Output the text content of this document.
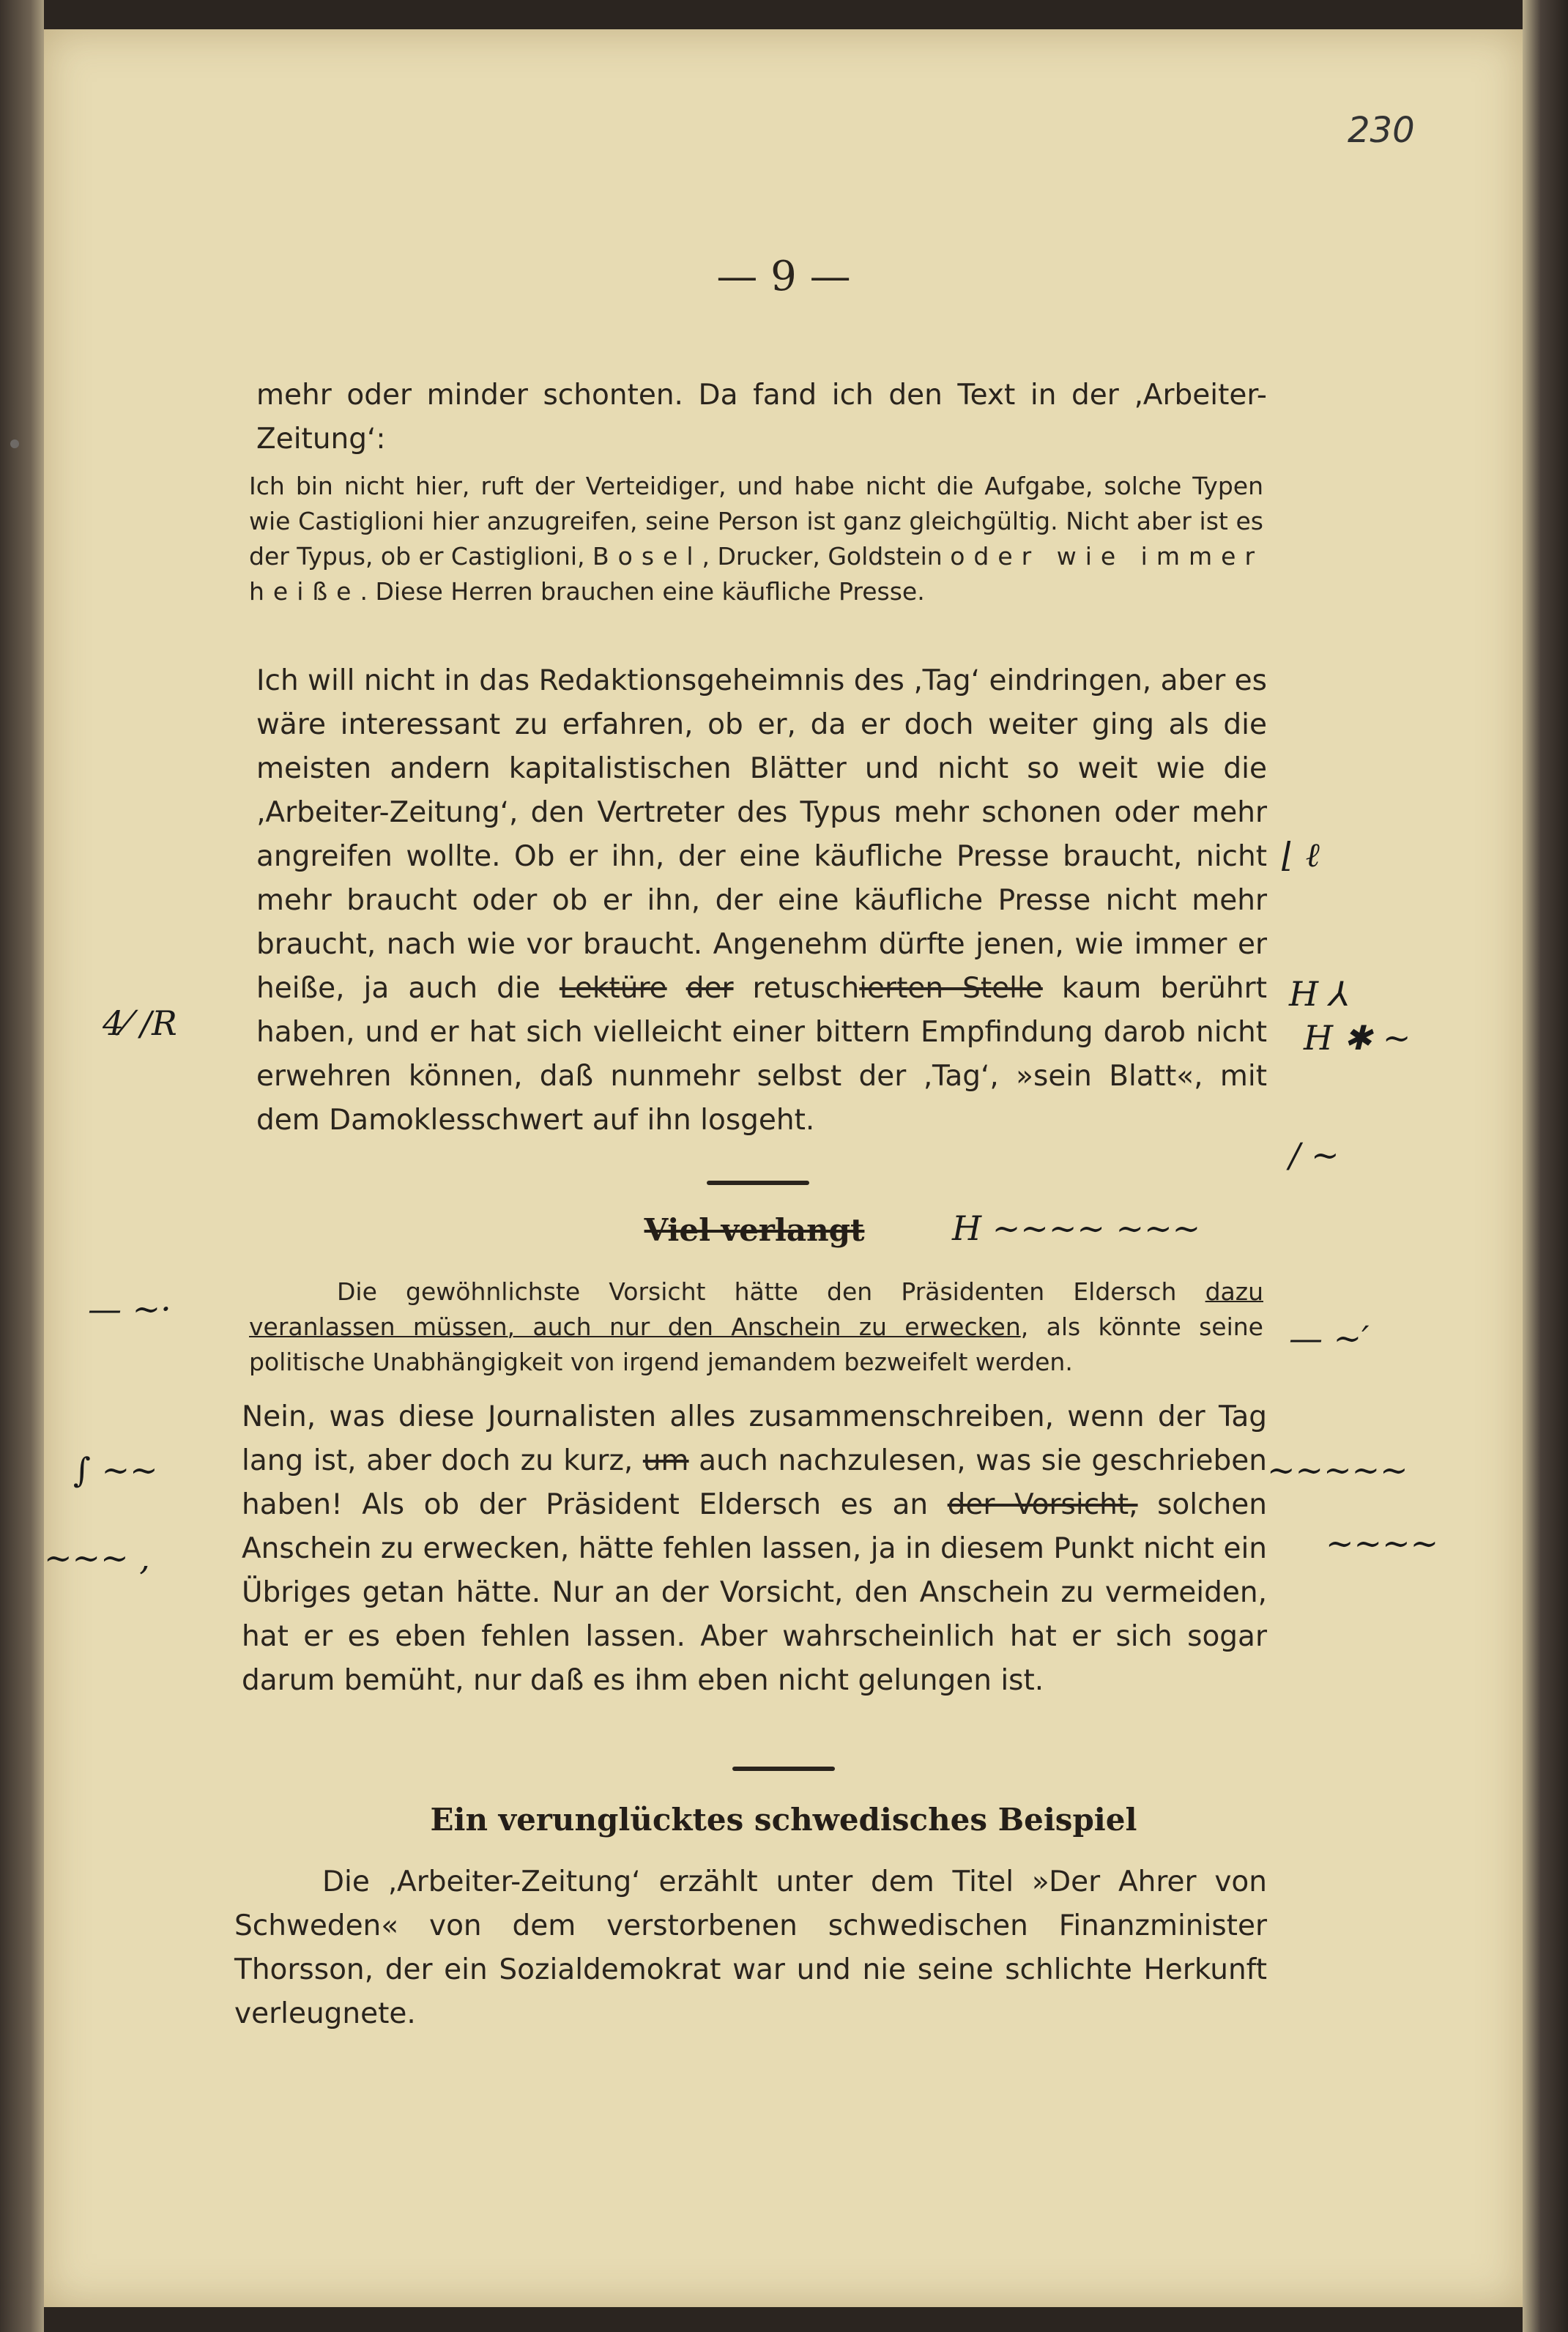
230
— 9 —
mehr oder minder schonten. Da fand ich den Text in der ‚Arbeiter-Zeitung‘:
Ich bin nicht hier, ruft der Verteidiger, und habe nicht die Aufgabe, solche Typen wie Castiglioni hier anzugreifen, seine Person ist ganz gleichgültig. Nicht aber ist es der Typus, ob er Castiglioni, Bosel, Drucker, Goldstein oder wie immer heiße. Diese Herren brauchen eine käufliche Presse.
Ich will nicht in das Redaktionsgeheimnis des ‚Tag‘ eindringen, aber es wäre interessant zu erfahren, ob er, da er doch weiter ging als die meisten andern kapitalistischen Blätter und nicht so weit wie die ‚Arbeiter-Zeitung‘, den Vertreter des Typus mehr schonen oder mehr angreifen wollte. Ob er ihn, der eine käufliche Presse braucht, nicht mehr braucht oder ob er ihn, der eine käufliche Presse nicht mehr braucht, nach wie vor braucht. Angenehm dürfte jenen, wie immer er heiße, ja auch die Lektüre der retuschierten Stelle kaum berührt haben, und er hat sich vielleicht einer bittern Empfindung darob nicht erwehren können, daß nunmehr selbst der ‚Tag‘, »sein Blatt«, mit dem Damoklesschwert auf ihn losgeht.
Viel verlangt
Die gewöhnlichste Vorsicht hätte den Präsidenten Eldersch dazu veranlassen müssen, auch nur den Anschein zu erwecken, als könnte seine politische Unabhängigkeit von irgend jemandem bezweifelt werden.
Nein, was diese Journalisten alles zusammenschreiben, wenn der Tag lang ist, aber doch zu kurz, um auch nachzulesen, was sie geschrieben haben! Als ob der Präsident Eldersch es an der Vorsicht, solchen Anschein zu erwecken, hätte fehlen lassen, ja in diesem Punkt nicht ein Übriges getan hätte. Nur an der Vorsicht, den Anschein zu vermeiden, hat er es eben fehlen lassen. Aber wahrscheinlich hat er sich sogar darum bemüht, nur daß es ihm eben nicht gelungen ist.
Ein verunglücktes schwedisches Beispiel
Die ‚Arbeiter-Zeitung‘ erzählt unter dem Titel »Der Ahrer von Schweden« von dem verstorbenen schwedischen Finanzminister Thorsson, der ein Sozialdemokrat war und nie seine schlichte Herkunft verleugnete.
4⁄ /R
⌊ ℓ
H ⅄
H ✱ ~
/ ~
H ∼∼∼∼ ∼∼∼
— ∼·
— ∼′
∫ ∼∼
∼∼∼ ,
∼∼∼∼∼
∼∼∼∼
